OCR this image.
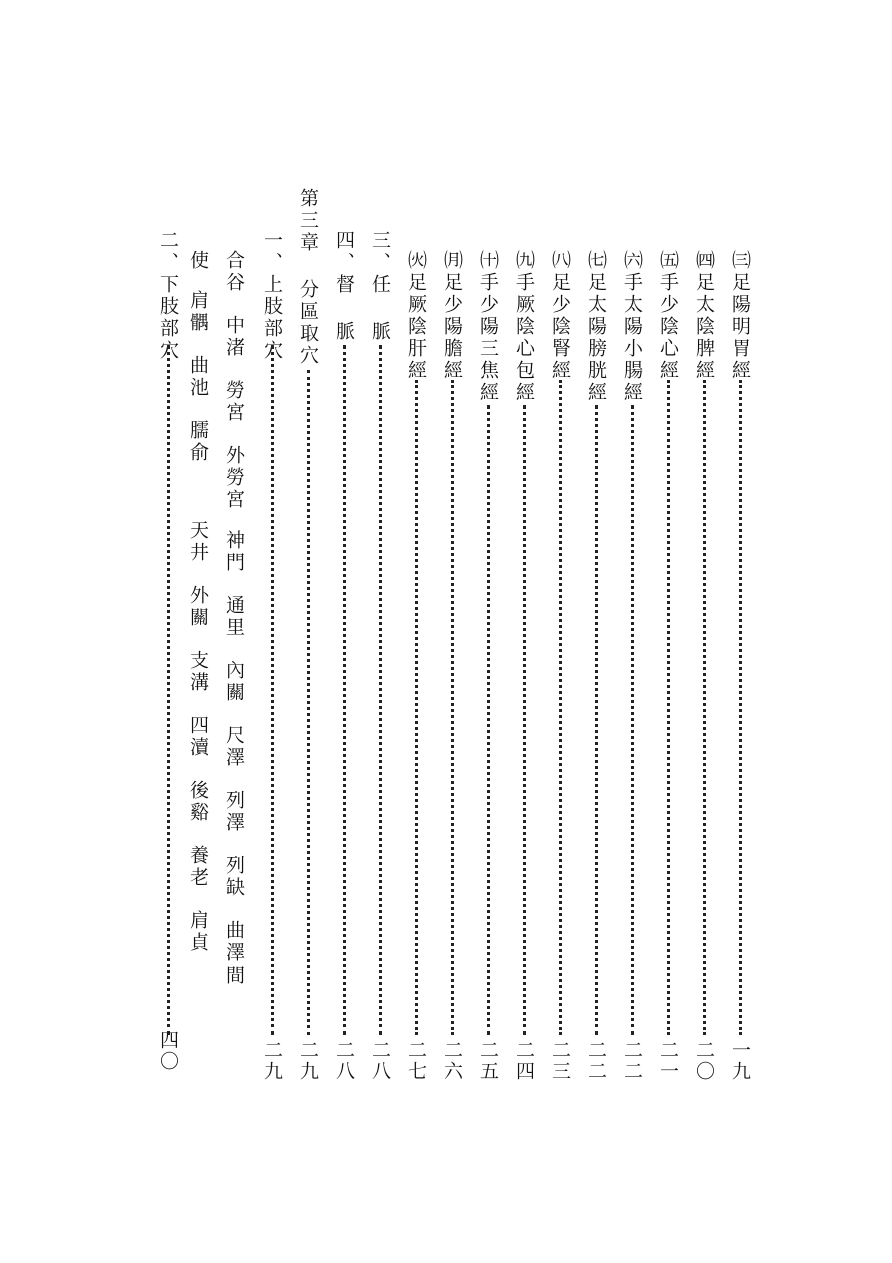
㈢足陽明胃經
一九
㈣足太陰脾經
二〇
㈤手少陰心經
二一
㈥手太陽小腸經
二二
㈦足太陽膀胱經
二二
㈧足少陰腎經
二三
㈨手厥陰心包經
二四
㈩手少陽三焦經
二五
㈪足少陽膽經
二六
㈫足厥陰肝經
二七
三、任 脈
二八
四、督 脈
二八
第三章 分區取穴
二九
一、上肢部穴
二九
合谷
中渚
勞宮
外勞宮
神門
通里
內關
尺澤
列澤
列缺
曲澤
間
使
肩髃
曲池
臑俞
天井
外關
支溝
四瀆
後谿
養老
肩貞
二、下肢部穴
四〇
